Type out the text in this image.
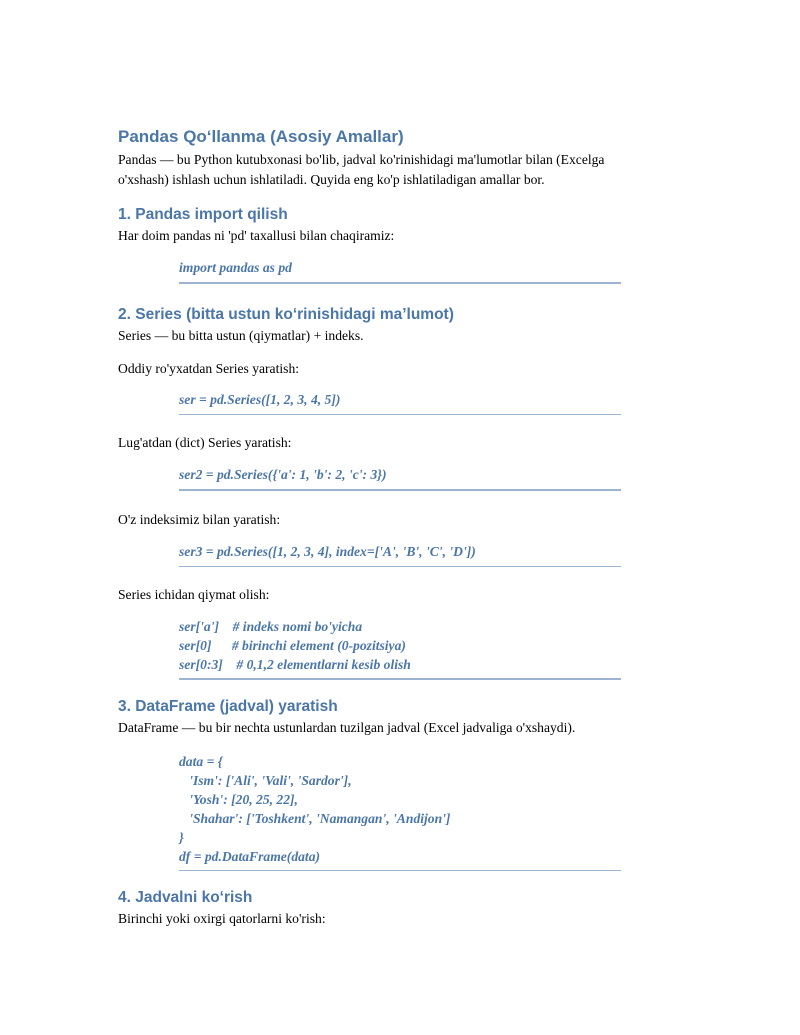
Pandas Qo‘llanma (Asosiy Amallar)

Pandas — bu Python kutubxonasi bo'lib, jadval ko'rinishidagi ma'lumotlar bilan (Excelga

o'xshash) ishlash uchun ishlatiladi. Quyida eng ko'p ishlatiladigan amallar bor.

1. Pandas import qilish

Har doim pandas ni 'pd' taxallusi bilan chaqiramiz:

import pandas as pd
2. Series (bitta ustun ko‘rinishidagi ma’lumot)

Series — bu bitta ustun (qiymatlar) + indeks.

Oddiy ro'yxatdan Series yaratish:

ser = pd.Series([1, 2, 3, 4, 5])

Lug'atdan (dict) Series yaratish:

ser2 = pd.Series({'a': 1, 'b': 2, 'c': 3})

O'z indeksimiz bilan yaratish:

ser3 = pd.Series([1, 2, 3, 4], index=['A', 'B', 'C', 'D'])

Series ichidan qiymat olish:

ser['a']    # indeks nomi bo'yicha
ser[0]      # birinchi element (0-pozitsiya)
ser[0:3]    # 0,1,2 elementlarni kesib olish
3. DataFrame (jadval) yaratish

DataFrame — bu bir nechta ustunlardan tuzilgan jadval (Excel jadvaliga o'xshaydi).

data = {
'Ism': ['Ali', 'Vali', 'Sardor'],
'Yosh': [20, 25, 22],
'Shahar': ['Toshkent', 'Namangan', 'Andijon']
}
df = pd.DataFrame(data)
4. Jadvalni ko‘rish

Birinchi yoki oxirgi qatorlarni ko'rish:
